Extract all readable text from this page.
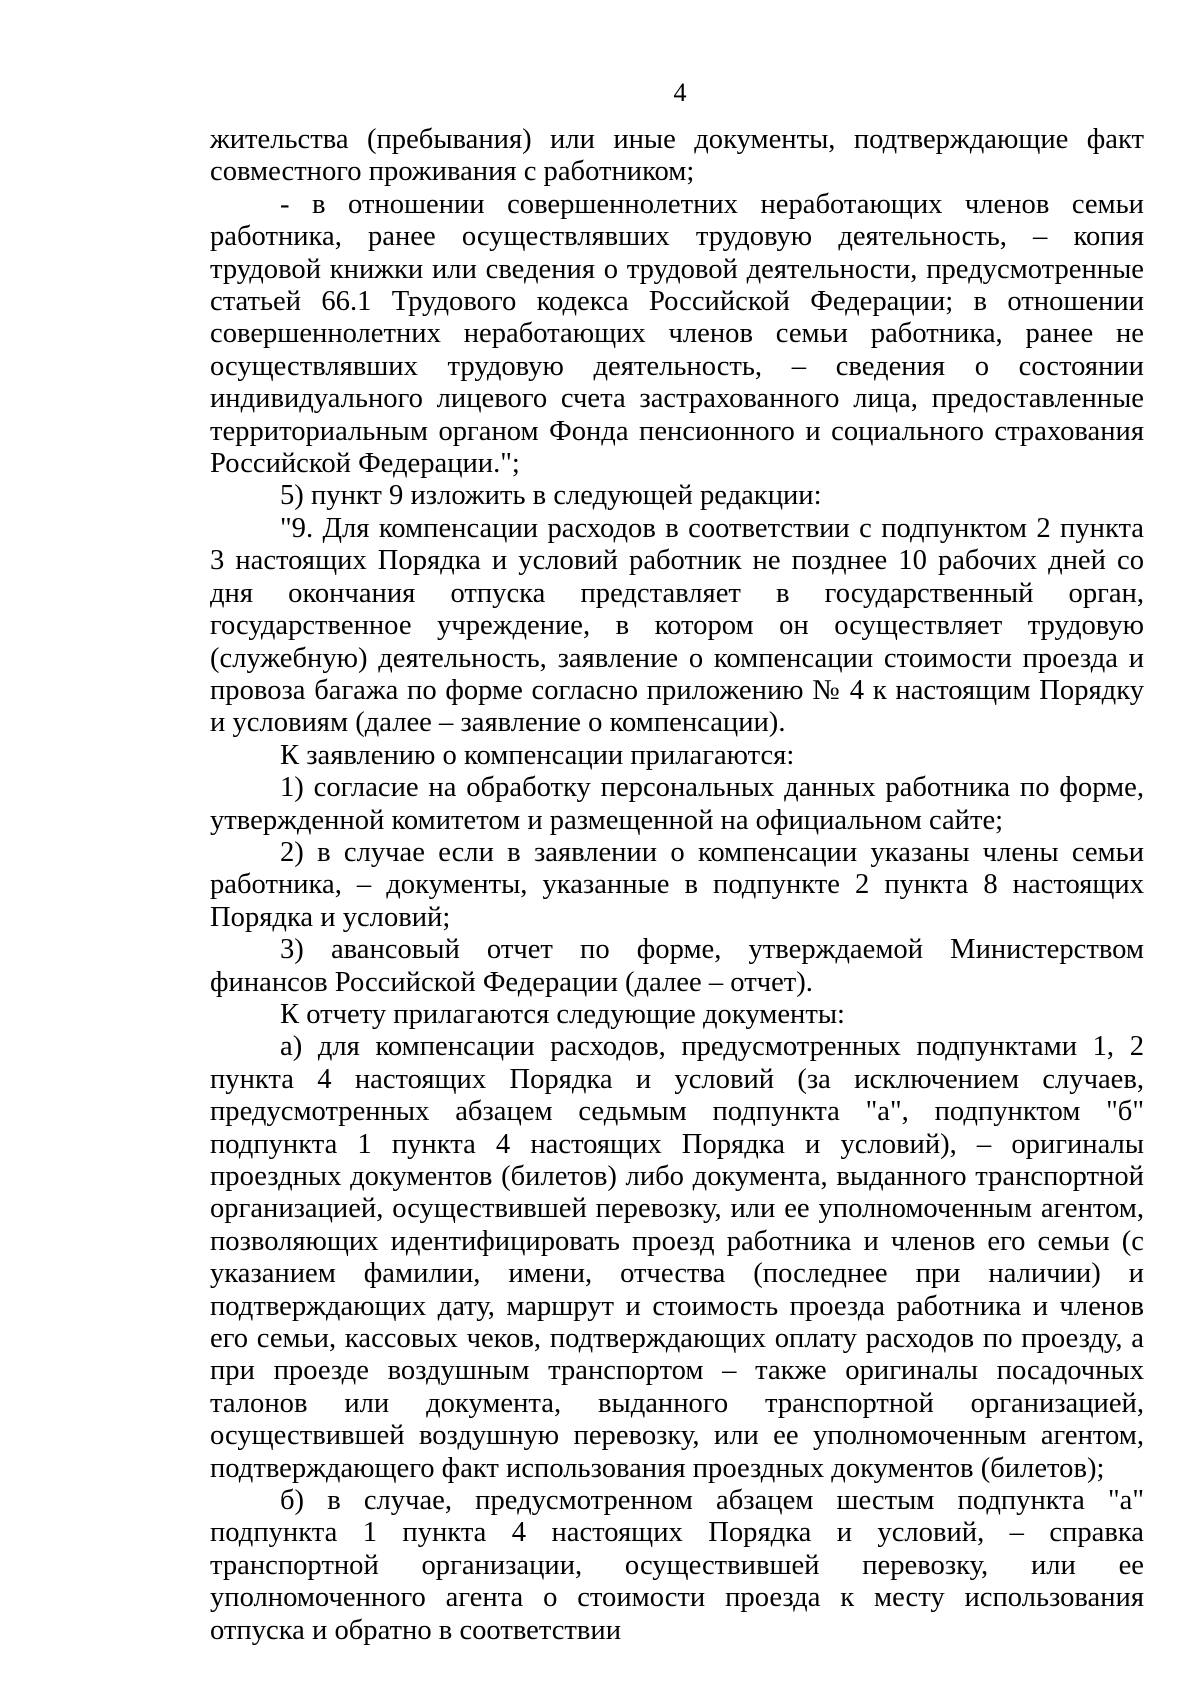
4

жительства (пребывания) или иные документы, подтверждающие факт совместного проживания с работником;

- в отношении совершеннолетних неработающих членов семьи работника, ранее осуществлявших трудовую деятельность, – копия трудовой книжки или сведения о трудовой деятельности, предусмотренные статьей 66.1 Трудового кодекса Российской Федерации; в отношении совершеннолетних неработающих членов семьи работника, ранее не осуществлявших трудовую деятельность, – сведения о состоянии индивидуального лицевого счета застрахованного лица, предоставленные территориальным органом Фонда пенсионного и социального страхования Российской Федерации.";

5) пункт 9 изложить в следующей редакции:

"9. Для компенсации расходов в соответствии с подпунктом 2 пункта 3 настоящих Порядка и условий работник не позднее 10 рабочих дней со дня окончания отпуска представляет в государственный орган, государственное учреждение, в котором он осуществляет трудовую (служебную) деятельность, заявление о компенсации стоимости проезда и провоза багажа по форме согласно приложению № 4 к настоящим Порядку и условиям (далее – заявление о компенсации).

К заявлению о компенсации прилагаются:

1) согласие на обработку персональных данных работника по форме, утвержденной комитетом и размещенной на официальном сайте;

2) в случае если в заявлении о компенсации указаны члены семьи работника, – документы, указанные в подпункте 2 пункта 8 настоящих Порядка и условий;

3) авансовый отчет по форме, утверждаемой Министерством финансов Российской Федерации (далее – отчет).

К отчету прилагаются следующие документы:

а) для компенсации расходов, предусмотренных подпунктами 1, 2 пункта 4 настоящих Порядка и условий (за исключением случаев, предусмотренных абзацем седьмым подпункта "а", подпунктом "б" подпункта 1 пункта 4 настоящих Порядка и условий), – оригиналы проездных документов (билетов) либо документа, выданного транспортной организацией, осуществившей перевозку, или ее уполномоченным агентом, позволяющих идентифицировать проезд работника и членов его семьи (с указанием фамилии, имени, отчества (последнее при наличии) и подтверждающих дату, маршрут и стоимость проезда работника и членов его семьи, кассовых чеков, подтверждающих оплату расходов по проезду, а при проезде воздушным транспортом – также оригиналы посадочных талонов или документа, выданного транспортной организацией, осуществившей воздушную перевозку, или ее уполномоченным агентом, подтверждающего факт использования проездных документов (билетов);

б) в случае, предусмотренном абзацем шестым подпункта "а" подпункта 1 пункта 4 настоящих Порядка и условий, – справка транспортной организации, осуществившей перевозку, или ее уполномоченного агента о стоимости проезда к месту использования отпуска и обратно в соответствии
